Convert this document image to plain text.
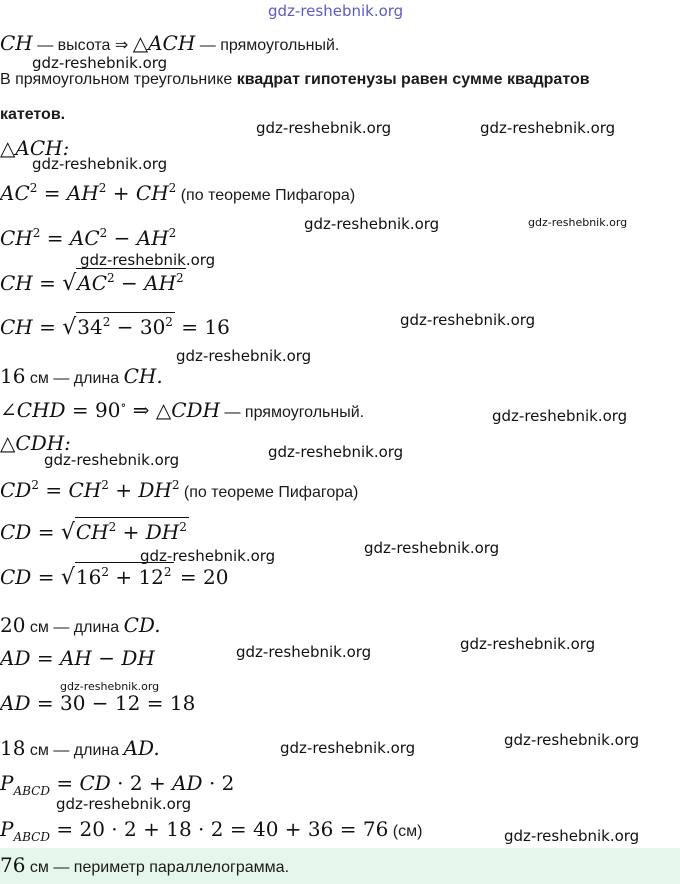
gdz-reshebnik.org
gdz-reshebnik.org
gdz-reshebnik.org	gdz-reshebnik.org
gdz-reshebnik.org
gdz-reshebnik.org	gdz-reshebnik.org
gdz-reshebnik.org
gdz-reshebnik.org
gdz-reshebnik.org
gdz-reshebnik.org
gdz-reshebnik.org
gdz-reshebnik.org
gdz-reshebnik.org	gdz-reshebnik.org
gdz-reshebnik.org
gdz-reshebnik.org
gdz-reshebnik.org
gdz-reshebnik.org
gdz-reshebnik.org
gdz-reshebnik.org
gdz-reshebnik.org
CH — высота ⇒ △ACH — прямоугольный.
В прямоугольном треугольнике квадрат гипотенузы равен сумме квадратов
катетов.
△ACH:
$AC^2 = AH^2 + CH^2$ (по теореме Пифагора)
$CH^2 = AC^2 - AH^2$
CH = $√AC^2 - AH^2$
CH = $√34^2 - 30^2 = 16$
16 см — длина CH.
∠CHD = 90∘ ⇒ △CDH — прямоугольный.
△CDH:
$CD^2 = CH^2 + DH^2$ (по теореме Пифагора)
CD = $√CH^2 + DH^2$
CD = $√16^2 + 12^2 = 20$
20 см — длина CD.
AD = AH − DH
AD = 30 − 12 = 18
18 см — длина AD.
$P_{ABCD}$ = CD · 2 + AD · 2
$P_{ABCD} = 20 \cdot 2 + 18 \cdot 2 = 40 + 36 = 76$ (см)
76 см — периметр параллелограмма.
